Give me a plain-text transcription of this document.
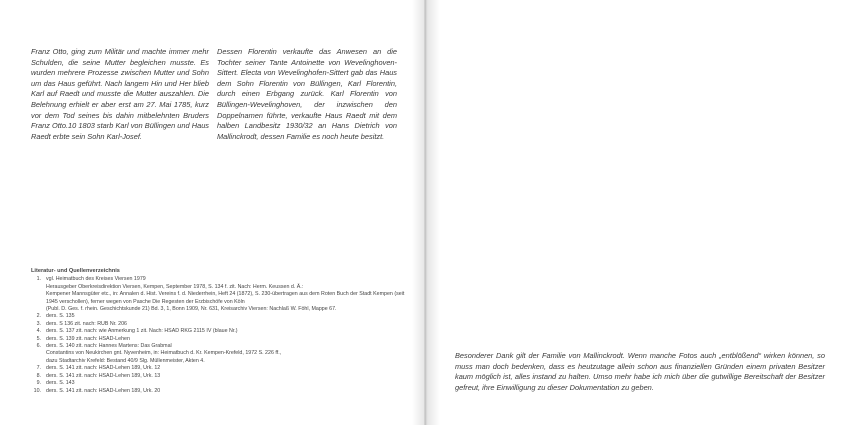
Franz Otto, ging zum Militär und machte immer mehr Schulden, die seine Mutter begleichen musste. Es wurden mehrere Prozesse zwischen Mutter und Sohn um das Haus geführt. Nach langem Hin und Her blieb Karl auf Raedt und musste die Mutter auszahlen. Die Belehnung erhielt er aber erst am 27. Mai 1785, kurz vor dem Tod seines bis dahin mitbelehnten Bruders Franz Otto.10 1803 starb Karl von Büllingen und Haus Raedt erbte sein Sohn Karl-Josef.
Dessen Florentin verkaufte das Anwesen an die Tochter seiner Tante Antoinette von Wevelinghoven-Sittert. Electa von Wevelinghofen-Sittert gab das Haus dem Sohn Florentin von Büllingen, Karl Florentin, durch einen Erbgang zurück. Karl Florentin von Büllingen-Wevelinghoven, der inzwischen den Doppelnamen führte, verkaufte Haus Raedt mit dem halben Landbesitz 1930/32 an Hans Dietrich von Mallinckrodt, dessen Familie es noch heute besitzt.
Literatur- und Quellenverzeichnis
1. vgl. Heimatbuch des Kreises Viersen 1979
Herausgeber Oberkreisdirektion Viersen, Kempen, September 1978, S. 134 f. zit. Nach: Herm. Keussen d. Ä.:
Kempener Mannsgüter etc., in: Annalen d. Hist. Vereins f. d. Niederrhein, Heft 24 (1872), S. 230-übertragen aus dem Roten Buch der Stadt Kempen (seit 1945 verschollen), ferner wegen von Pasche Die Regesten der Erzbischöfe von Köln
(Publ. D. Ges. f. rhein. Geschichtskunde 21) Bd. 3, 1, Bonn 1909, Nr. 631, Kreisarchiv Viersen: Nachlaß W. Föhl, Mappe 67.
2. ders. S. 135
3. ders. S 136 zit. nach: RUB Nr. 206
4. ders. S. 137 zit. nach: wie Anmerkung 1 zit. Nach: HSAD RKG 2115 IV (blaue Nr.)
5. ders. S. 139 zit. nach: HSAD-Lehen
6. ders. S. 140 zit. nach: Hannes Martens: Das Grabmal
Constantins von Neukirchen gnt. Nyvenheim, in: Heimatbuch d. Kr. Kempen-Krefeld, 1972 S. 226 ff.,
dazu Stadtarchiv Krefeld: Bestand 40/9 Slg. Müllenmeister, Akten 4.
7. ders. S. 141 zit. nach: HSAD-Lehen 189, Urk. 12
8. ders. S. 141 zit. nach: HSAD-Lehen 189, Urk. 13
9. ders. S. 143
10. ders. S. 141 zit. nach: HSAD-Lehen 189, Urk. 20
Besonderer Dank gilt der Familie von Mallinckrodt. Wenn manche Fotos auch „entblößend“ wirken können, so muss man doch bedenken, dass es heutzutage allein schon aus finanziellen Gründen einem privaten Besitzer kaum möglich ist, alles instand zu halten. Umso mehr habe ich mich über die gutwillige Bereitschaft der Besitzer gefreut, ihre Einwilligung zu dieser Dokumentation zu geben.
